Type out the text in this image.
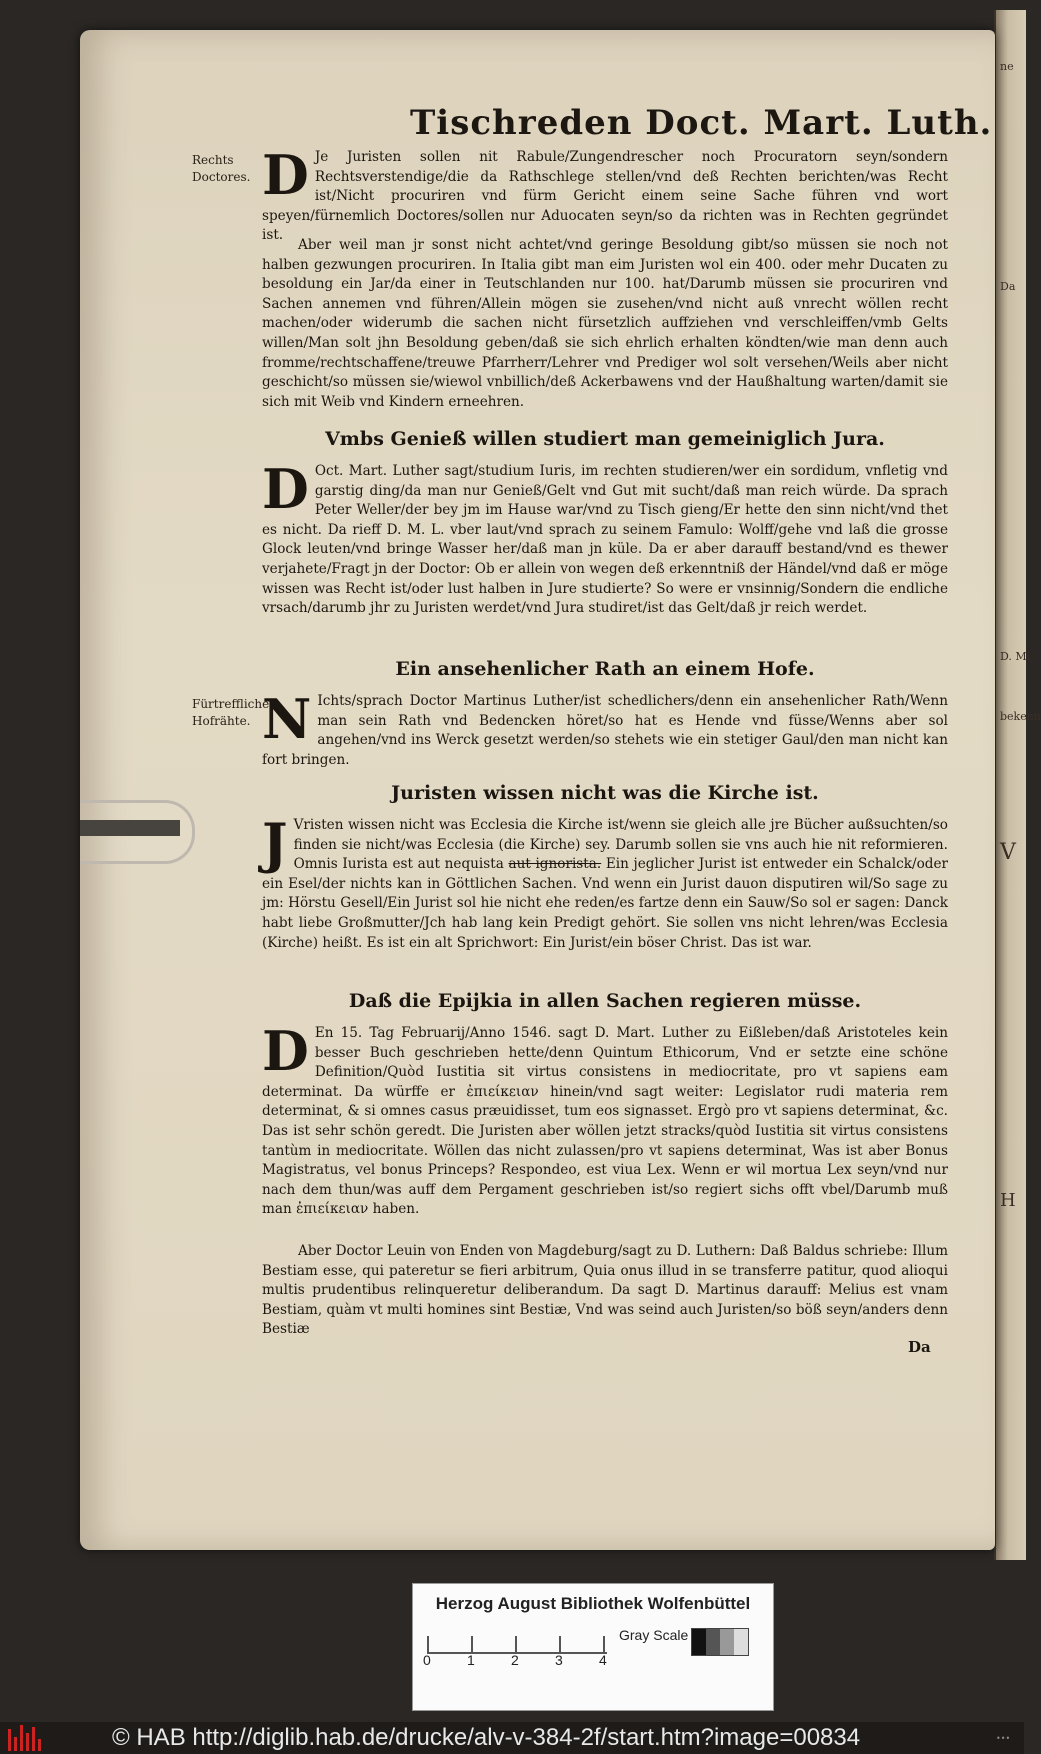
ne
Da
D. Mi.
bekenn
V
H
Tischreden Doct. Mart. Luth.
Rechts Doctores.
Fürtreffliche Hofrähte.
D Je Juristen sollen nit Rabule/Zungendrescher noch Procuratorn seyn/sondern Rechtsverstendige/die da Rathschlege stellen/vnd deß Rechten berichten/was Recht ist/Nicht procuriren vnd fürm Gericht einem seine Sache führen vnd wort speyen/fürnemlich Doctores/sollen nur Aduocaten seyn/so da richten was in Rechten gegründet ist.
Aber weil man jr sonst nicht achtet/vnd geringe Besoldung gibt/so müssen sie noch not halben gezwungen procuriren. In Italia gibt man eim Juristen wol ein 400. oder mehr Ducaten zu besoldung ein Jar/da einer in Teutschlanden nur 100. hat/Darumb müssen sie procuriren vnd Sachen annemen vnd führen/Allein mögen sie zusehen/vnd nicht auß vnrecht wöllen recht machen/oder widerumb die sachen nicht fürsetzlich auffziehen vnd verschleiffen/vmb Gelts willen/Man solt jhn Besoldung geben/daß sie sich ehrlich erhalten köndten/wie man denn auch fromme/rechtschaffene/treuwe Pfarrherr/Lehrer vnd Prediger wol solt versehen/Weils aber nicht geschicht/so müssen sie/wiewol vnbillich/deß Ackerbawens vnd der Haußhaltung warten/damit sie sich mit Weib vnd Kindern erneehren.
Vmbs Genieß willen studiert man gemeiniglich Jura.
D Oct. Mart. Luther sagt/studium Iuris, im rechten studieren/wer ein sordidum, vnfletig vnd garstig ding/da man nur Genieß/Gelt vnd Gut mit sucht/daß man reich würde. Da sprach Peter Weller/der bey jm im Hause war/vnd zu Tisch gieng/Er hette den sinn nicht/vnd thet es nicht. Da rieff D. M. L. vber laut/vnd sprach zu seinem Famulo: Wolff/gehe vnd laß die grosse Glock leuten/vnd bringe Wasser her/daß man jn küle. Da er aber darauff bestand/vnd es thewer verjahete/Fragt jn der Doctor: Ob er allein von wegen deß erkenntniß der Händel/vnd daß er möge wissen was Recht ist/oder lust halben in Jure studierte? So were er vnsinnig/Sondern die endliche vrsach/darumb jhr zu Juristen werdet/vnd Jura studiret/ist das Gelt/daß jr reich werdet.
Ein ansehenlicher Rath an einem Hofe.
N Ichts/sprach Doctor Martinus Luther/ist schedlichers/denn ein ansehenlicher Rath/Wenn man sein Rath vnd Bedencken höret/so hat es Hende vnd füsse/Wenns aber sol angehen/vnd ins Werck gesetzt werden/so stehets wie ein stetiger Gaul/den man nicht kan fort bringen.
Juristen wissen nicht was die Kirche ist.
J Vristen wissen nicht was Ecclesia die Kirche ist/wenn sie gleich alle jre Bücher außsuchten/so finden sie nicht/was Ecclesia (die Kirche) sey. Darumb sollen sie vns auch hie nit reformieren. Omnis Iurista est aut nequista aut ignorista. Ein jeglicher Jurist ist entweder ein Schalck/oder ein Esel/der nichts kan in Göttlichen Sachen. Vnd wenn ein Jurist dauon disputiren wil/So sage zu jm: Hörstu Gesell/Ein Jurist sol hie nicht ehe reden/es fartze denn ein Sauw/So sol er sagen: Danck habt liebe Großmutter/Jch hab lang kein Predigt gehört. Sie sollen vns nicht lehren/was Ecclesia (Kirche) heißt. Es ist ein alt Sprichwort: Ein Jurist/ein böser Christ. Das ist war.
Daß die Epijkia in allen Sachen regieren müsse.
D En 15. Tag Februarij/Anno 1546. sagt D. Mart. Luther zu Eißleben/daß Aristoteles kein besser Buch geschrieben hette/denn Quintum Ethicorum, Vnd er setzte eine schöne Definition/Quòd Iustitia sit virtus consistens in mediocritate, pro vt sapiens eam determinat. Da würffe er ἐπιείκειαν hinein/vnd sagt weiter: Legislator rudi materia rem determinat, & si omnes casus præuidisset, tum eos signasset. Ergò pro vt sapiens determinat, &c. Das ist sehr schön geredt. Die Juristen aber wöllen jetzt stracks/quòd Iustitia sit virtus consistens tantùm in mediocritate. Wöllen das nicht zulassen/pro vt sapiens determinat, Was ist aber Bonus Magistratus, vel bonus Princeps? Respondeo, est viua Lex. Wenn er wil mortua Lex seyn/vnd nur nach dem thun/was auff dem Pergament geschrieben ist/so regiert sichs offt vbel/Darumb muß man ἐπιείκειαν haben.
Aber Doctor Leuin von Enden von Magdeburg/sagt zu D. Luthern: Daß Baldus schriebe: Illum Bestiam esse, qui pateretur se fieri arbitrum, Quia onus illud in se transferre patitur, quod alioqui multis prudentibus relinqueretur deliberandum. Da sagt D. Martinus darauff: Melius est vnam Bestiam, quàm vt multi homines sint Bestiæ, Vnd was seind auch Juristen/so böß seyn/anders denn Bestiæ
Da
Herzog August Bibliothek Wolfenbüttel
0	1	2	3	4
Gray Scale
© HAB http://diglib.hab.de/drucke/alv-v-384-2f/start.htm?image=00834	•••
